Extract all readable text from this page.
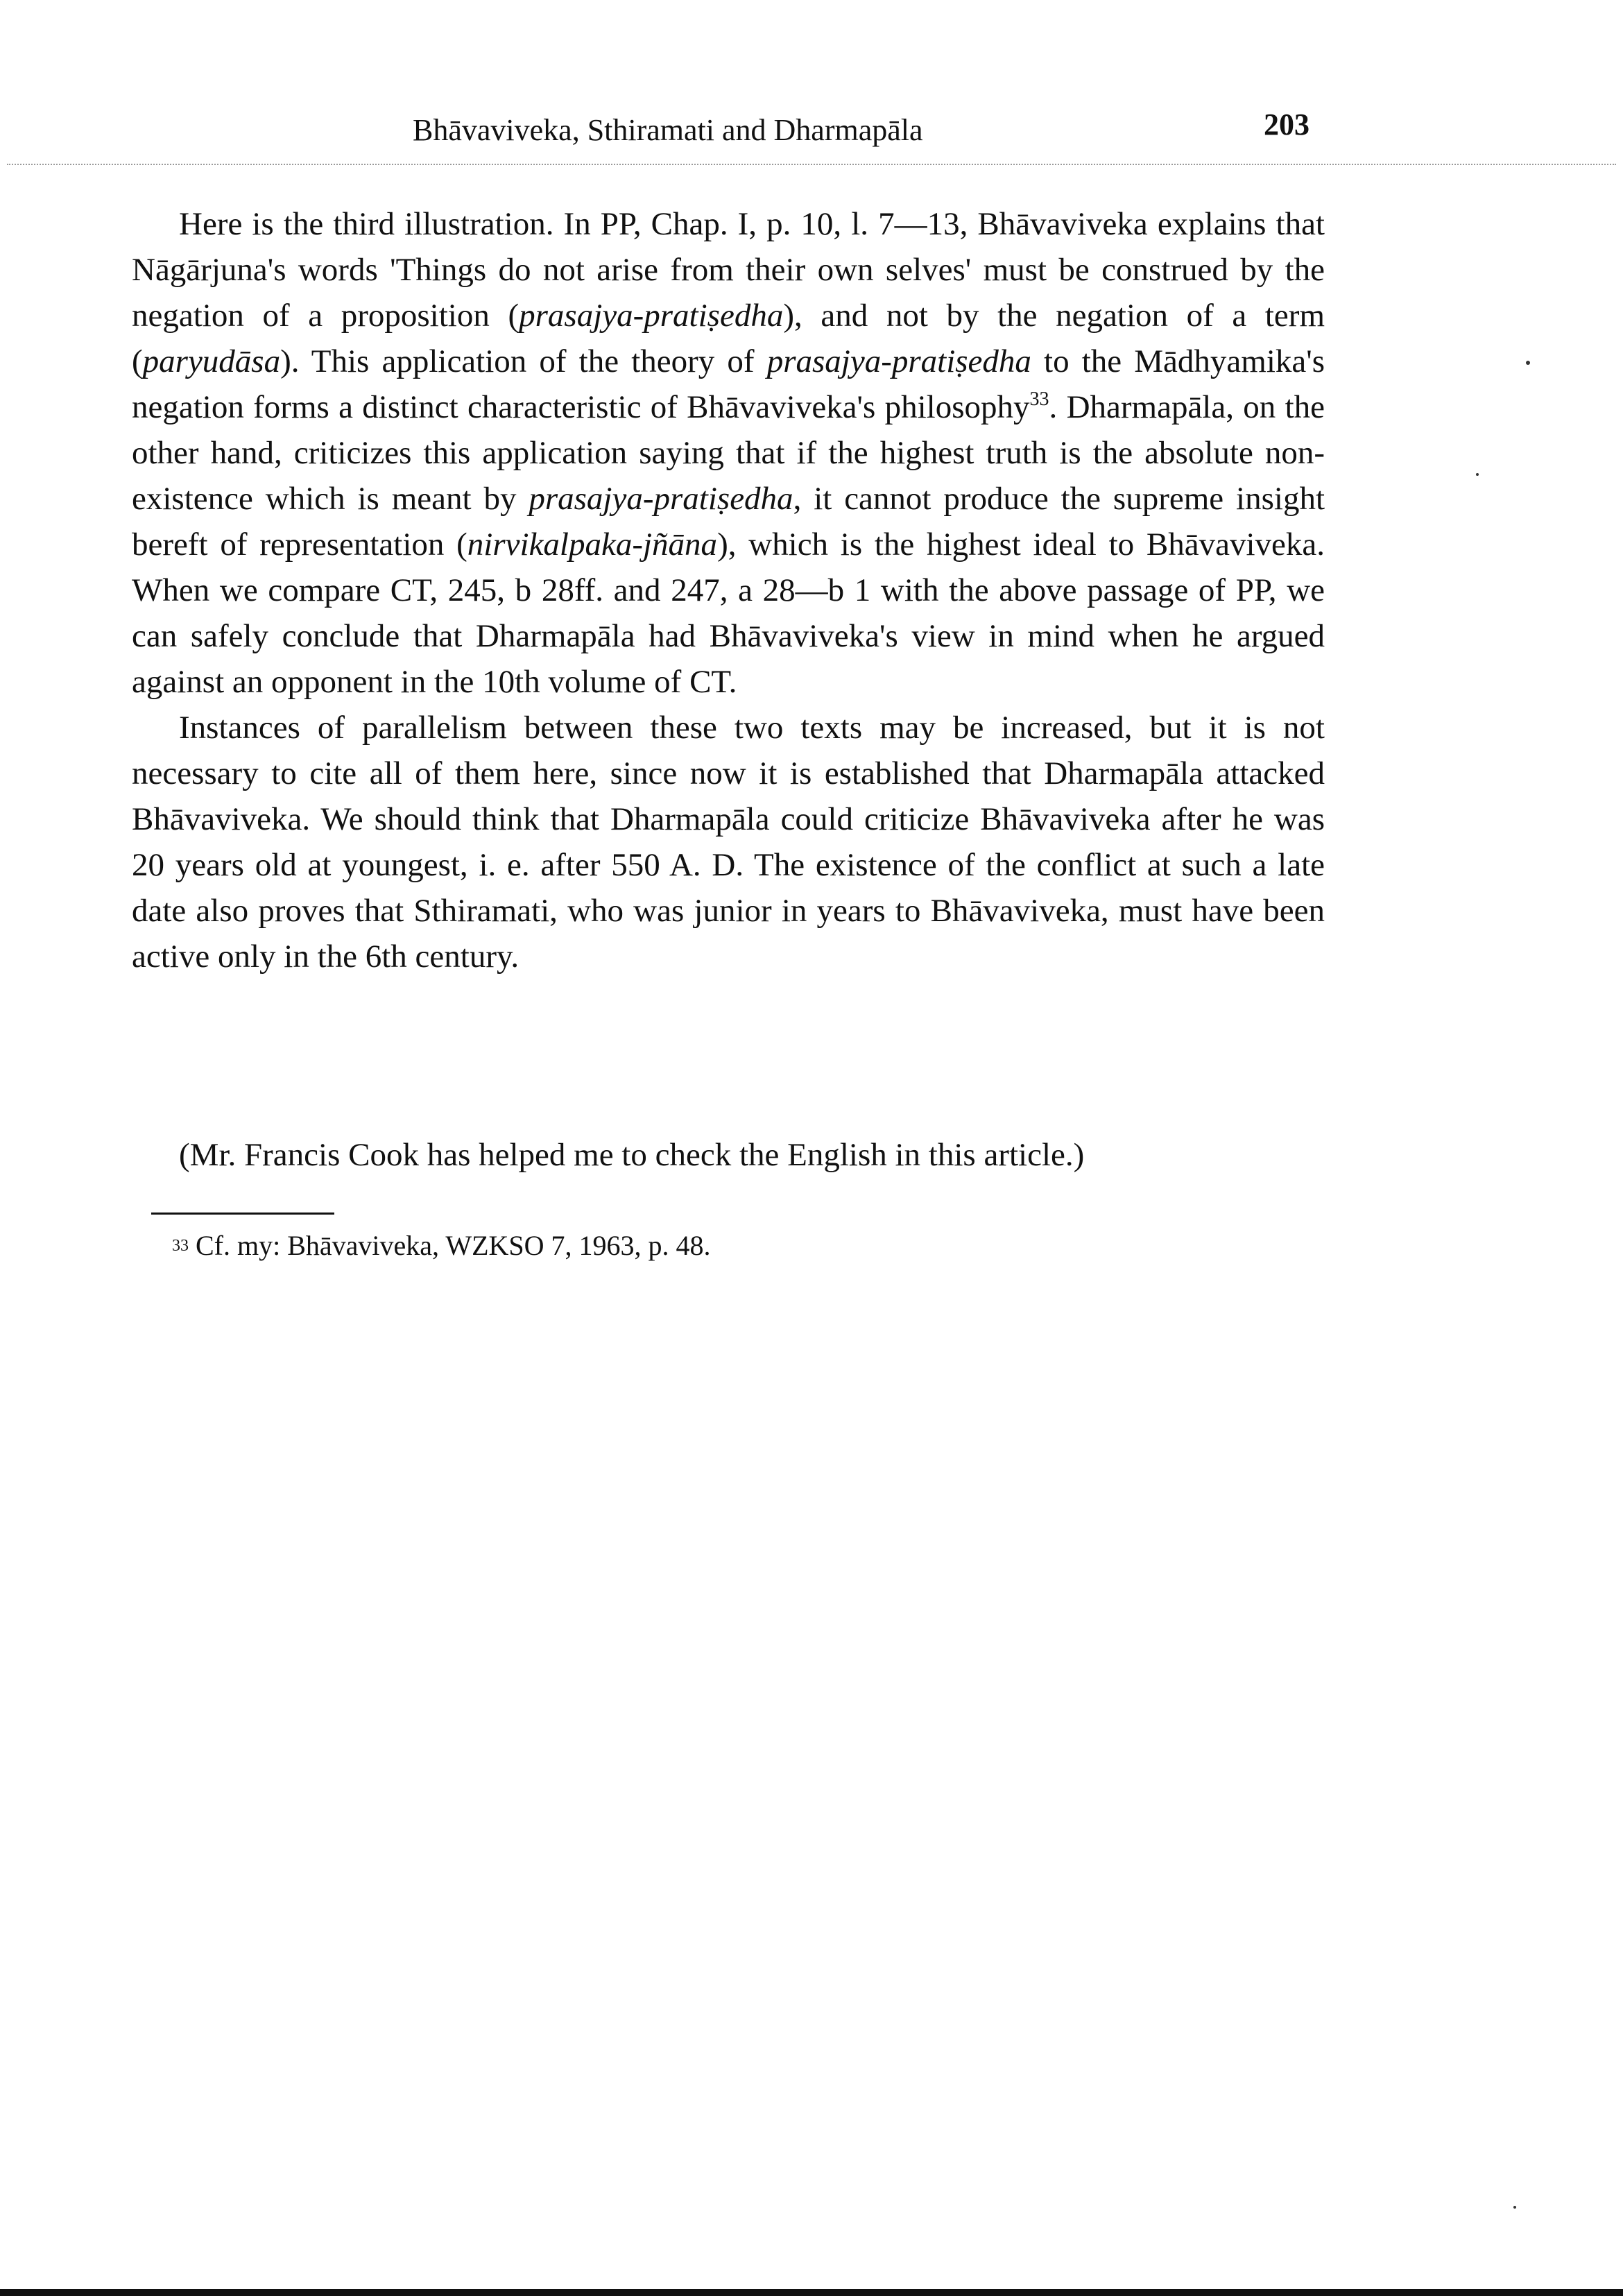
Bhāvaviveka, Sthiramati and Dharmapāla	203

Here is the third illustration. In PP, Chap. I, p. 10, l. 7—13, Bhāvaviveka explains that Nāgārjuna's words 'Things do not arise from their own selves' must be construed by the negation of a proposition (prasajya-pratiṣedha), and not by the negation of a term (paryudāsa). This application of the theory of prasajya-pratiṣedha to the Mādhyamika's negation forms a distinct characteristic of Bhāvaviveka's philosophy$^{33}$. Dharmapāla, on the other hand, criticizes this application saying that if the highest truth is the absolute non-existence which is meant by prasajya-pratiṣedha, it cannot produce the supreme insight bereft of representation (nirvikalpaka-jñāna), which is the highest ideal to Bhāvaviveka. When we compare CT, 245, b 28ff. and 247, a 28—b 1 with the above passage of PP, we can safely conclude that Dharmapāla had Bhāvaviveka's view in mind when he argued against an opponent in the 10th volume of CT.

Instances of parallelism between these two texts may be increased, but it is not necessary to cite all of them here, since now it is established that Dharmapāla attacked Bhāvaviveka. We should think that Dharmapāla could criticize Bhāvaviveka after he was 20 years old at youngest, i. e. after 550 A. D. The existence of the conflict at such a late date also proves that Sthiramati, who was junior in years to Bhāvaviveka, must have been active only in the 6th century.

(Mr. Francis Cook has helped me to check the English in this article.)
33 Cf. my: Bhāvaviveka, WZKSO 7, 1963, p. 48.
